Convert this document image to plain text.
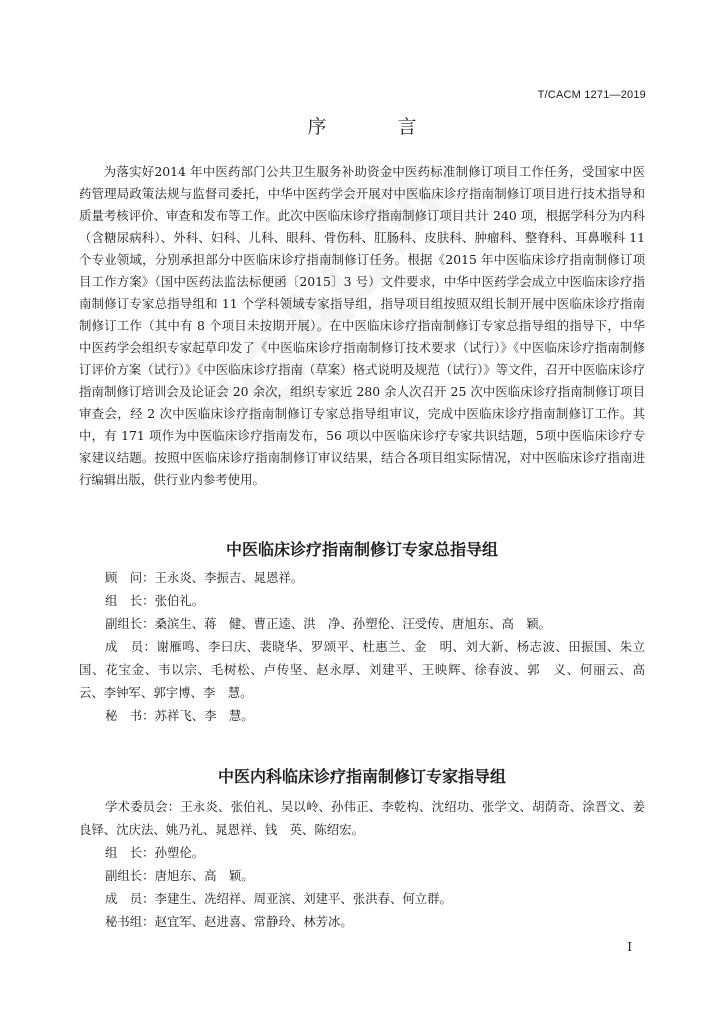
T/CACM 1271—2019
序　言

为落实好2014 年中医药部门公共卫生服务补助资金中医药标准制修订项目工作任务，受国家中医药管理局政策法规与监督司委托，中华中医药学会开展对中医临床诊疗指南制修订项目进行技术指导和质量考核评价、审查和发布等工作。此次中医临床诊疗指南制修订项目共计 240 项，根据学科分为内科（含糖尿病科）、外科、妇科、儿科、眼科、骨伤科、肛肠科、皮肤科、肿瘤科、整脊科、耳鼻喉科 11 个专业领域，分别承担部分中医临床诊疗指南制修订任务。根据《2015 年中医临床诊疗指南制修订项目工作方案》（国中医药法监法标便函〔2015〕3 号）文件要求，中华中医药学会成立中医临床诊疗指南制修订专家总指导组和 11 个学科领域专家指导组，指导项目组按照双组长制开展中医临床诊疗指南制修订工作（其中有 8 个项目未按期开展）。在中医临床诊疗指南制修订专家总指导组的指导下，中华中医药学会组织专家起草印发了《中医临床诊疗指南制修订技术要求（试行）》《中医临床诊疗指南制修订评价方案（试行）》《中医临床诊疗指南（草案）格式说明及规范（试行）》等文件，召开中医临床诊疗指南制修订培训会及论证会 20 余次，组织专家近 280 余人次召开 25 次中医临床诊疗指南制修订项目审查会，经 2 次中医临床诊疗指南制修订专家总指导组审议，完成中医临床诊疗指南制修订工作。其中，有 171 项作为中医临床诊疗指南发布，56 项以中医临床诊疗专家共识结题，5项中医临床诊疗专家建议结题。按照中医临床诊疗指南制修订审议结果，结合各项目组实际情况，对中医临床诊疗指南进行编辑出版，供行业内参考使用。

中医临床诊疗指南制修订专家总指导组

顾　问：王永炎、李振吉、晁恩祥。

组　长：张伯礼。

副组长：桑滨生、蒋　健、曹正逵、洪　净、孙塑伦、汪受传、唐旭东、高　颖。

成　员：谢雁鸣、李曰庆、裴晓华、罗颂平、杜惠兰、金　明、刘大新、杨志波、田振国、朱立国、花宝金、韦以宗、毛树松、卢传坚、赵永厚、刘建平、王映辉、徐春波、郭　义、何丽云、高　云、李钟军、郭宇博、李　慧。

秘　书：苏祥飞、李　慧。

中医内科临床诊疗指南制修订专家指导组

学术委员会：王永炎、张伯礼、吴以岭、孙伟正、李乾构、沈绍功、张学文、胡荫奇、涂晋文、姜良铎、沈庆法、姚乃礼、晁恩祥、钱　英、陈绍宏。

组　长：孙塑伦。

副组长：唐旭东、高　颖。

成　员：李建生、冼绍祥、周亚滨、刘建平、张洪春、何立群。

秘书组：赵宜军、赵进喜、常静玲、林芳冰。

I
